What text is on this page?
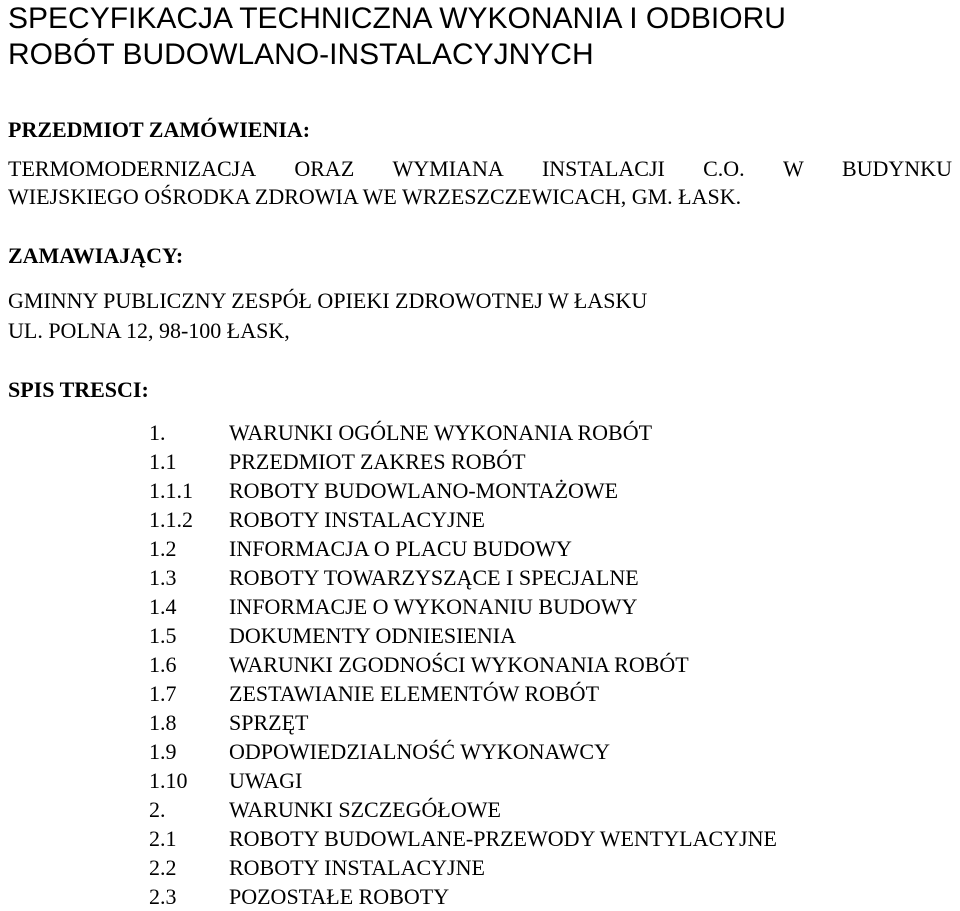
SPECYFIKACJA TECHNICZNA WYKONANIA I ODBIORU
ROBÓT BUDOWLANO-INSTALACYJNYCH
PRZEDMIOT ZAMÓWIENIA:
TERMOMODERNIZACJA ORAZ WYMIANA INSTALACJI C.O. W BUDYNKU
WIEJSKIEGO OŚRODKA ZDROWIA WE WRZESZCZEWICACH, GM. ŁASK.
ZAMAWIAJĄCY:
GMINNY PUBLICZNY ZESPÓŁ OPIEKI ZDROWOTNEJ W ŁASKU
UL. POLNA 12, 98-100 ŁASK,
SPIS TRESCI:
1.	WARUNKI OGÓLNE WYKONANIA ROBÓT
1.1 PRZEDMIOT ZAKRES ROBÓT
1.1.1 ROBOTY BUDOWLANO-MONTAŻOWE
1.1.2 ROBOTY INSTALACYJNE
1.2 INFORMACJA O PLACU BUDOWY
1.3 ROBOTY TOWARZYSZĄCE I SPECJALNE
1.4 INFORMACJE O WYKONANIU BUDOWY
1.5 DOKUMENTY ODNIESIENIA
1.6 WARUNKI ZGODNOŚCI WYKONANIA ROBÓT
1.7 ZESTAWIANIE ELEMENTÓW ROBÓT
1.8 SPRZĘT
1.9 ODPOWIEDZIALNOŚĆ WYKONAWCY
1.10 UWAGI
2.	WARUNKI SZCZEGÓŁOWE
2.1 ROBOTY BUDOWLANE-PRZEWODY WENTYLACYJNE
2.2 ROBOTY INSTALACYJNE
2.3 POZOSTAŁE ROBOTY
